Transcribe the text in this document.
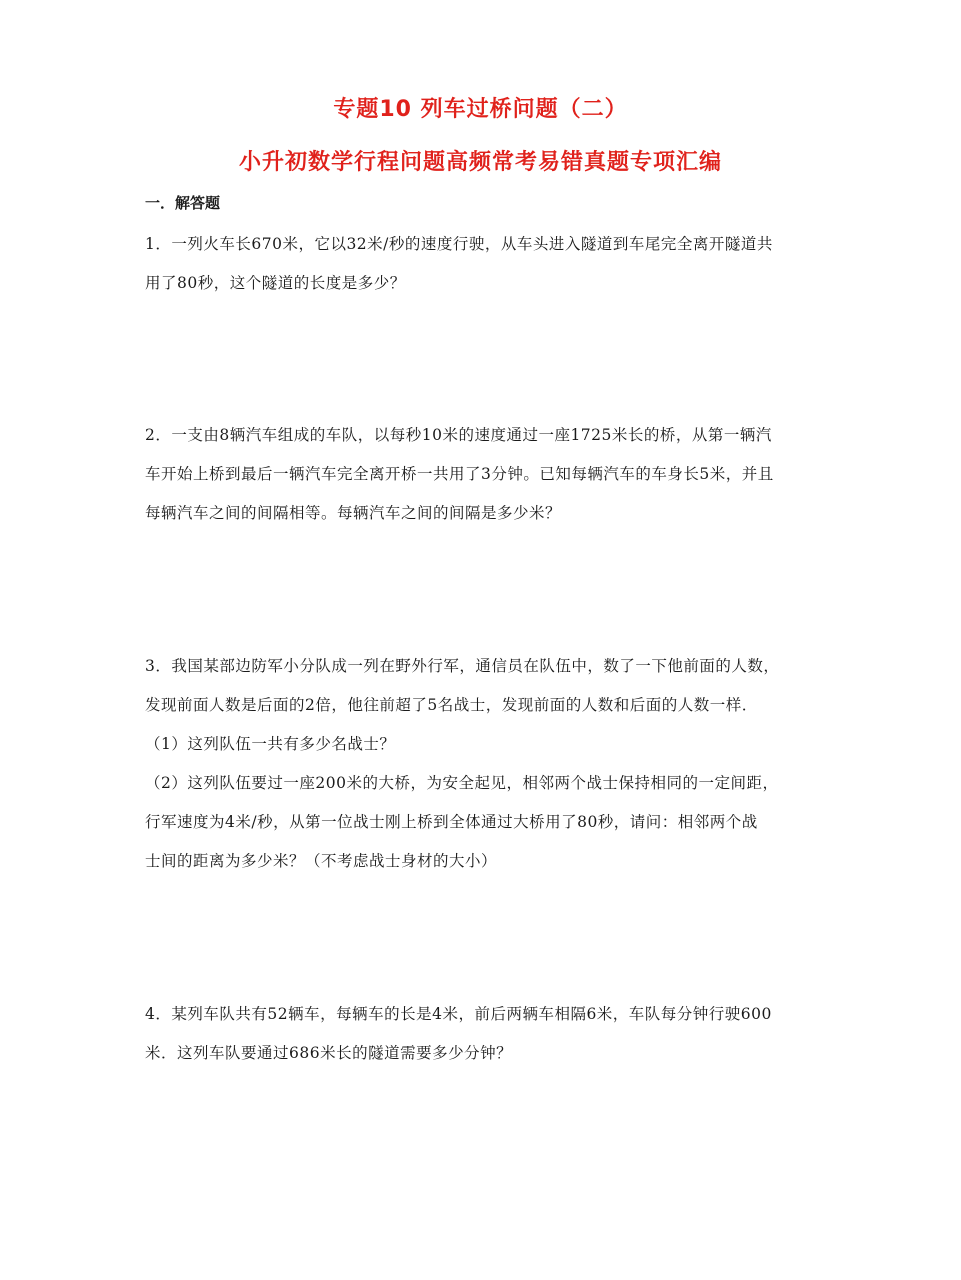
专题10 列车过桥问题（二）
小升初数学行程问题高频常考易错真题专项汇编
一．解答题

1．一列火车长670米，它以32米/秒的速度行驶，从车头进入隧道到车尾完全离开隧道共

用了80秒，这个隧道的长度是多少？

2．一支由8辆汽车组成的车队，以每秒10米的速度通过一座1725米长的桥，从第一辆汽

车开始上桥到最后一辆汽车完全离开桥一共用了3分钟。已知每辆汽车的车身长5米，并且

每辆汽车之间的间隔相等。每辆汽车之间的间隔是多少米？

3．我国某部边防军小分队成一列在野外行军，通信员在队伍中，数了一下他前面的人数，

发现前面人数是后面的2倍，他往前超了5名战士，发现前面的人数和后面的人数一样．

（1）这列队伍一共有多少名战士？

（2）这列队伍要过一座200米的大桥，为安全起见，相邻两个战士保持相同的一定间距，

行军速度为4米/秒，从第一位战士刚上桥到全体通过大桥用了80秒，请问：相邻两个战

士间的距离为多少米？（不考虑战士身材的大小）

4．某列车队共有52辆车，每辆车的长是4米，前后两辆车相隔6米，车队每分钟行驶600

米．这列车队要通过686米长的隧道需要多少分钟？
